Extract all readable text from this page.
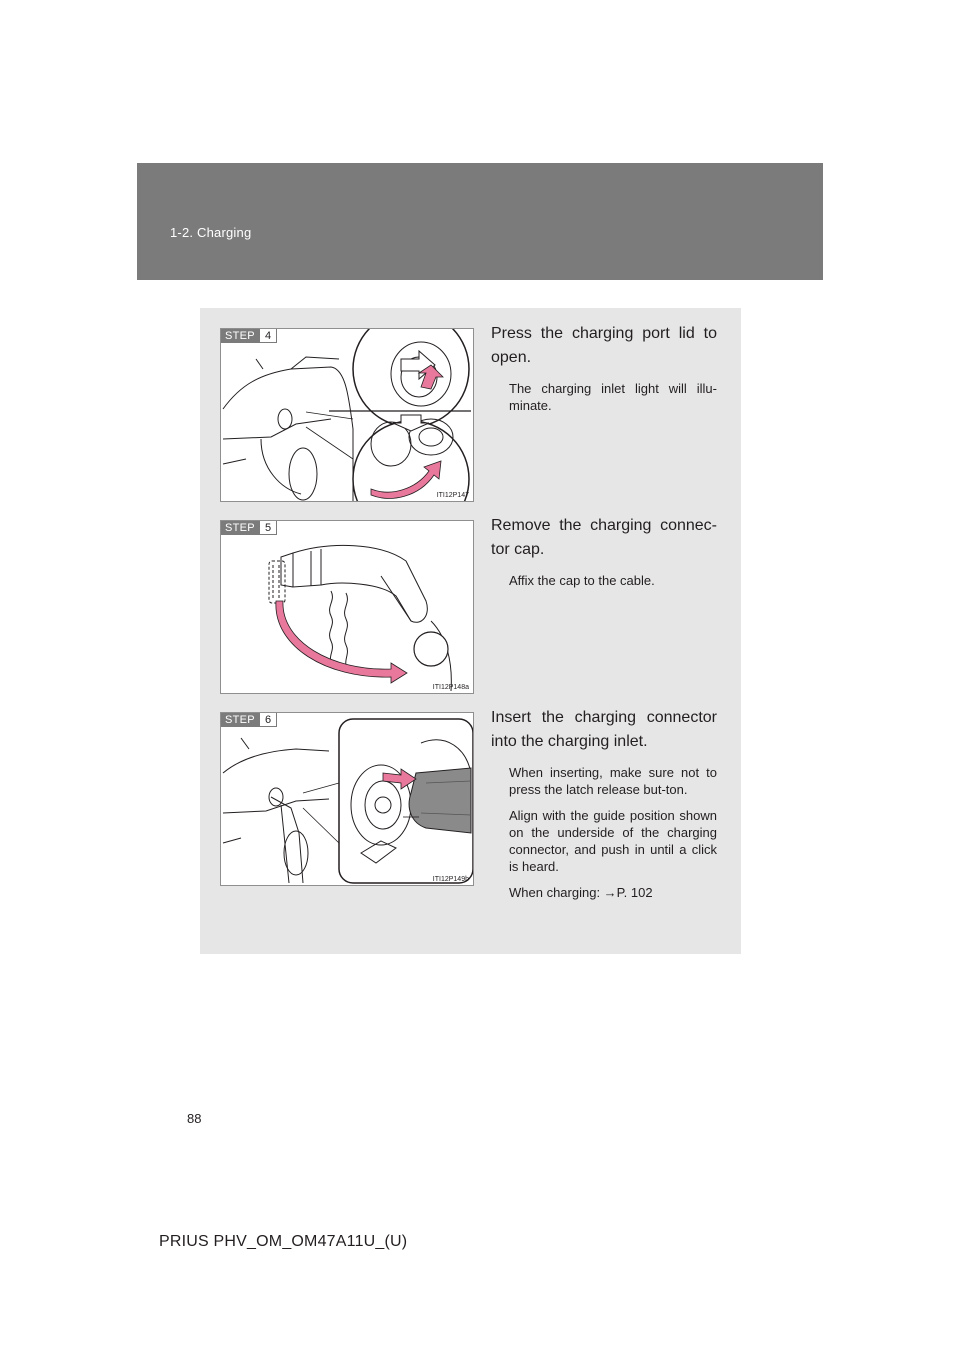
1-2. Charging
STEP 4
ITI12P147

Press the charging port lid to open.

The charging inlet light will illu-minate.

STEP 5
ITI12P148a

Remove the charging connec-tor cap.

Affix the cap to the cable.

STEP 6
ITI12P149b

Insert the charging connector into the charging inlet.

When inserting, make sure not to press the latch release but-ton.

Align with the guide position shown on the underside of the charging connector, and push in until a click is heard.

When charging: →P. 102

88
PRIUS PHV_OM_OM47A11U_(U)
